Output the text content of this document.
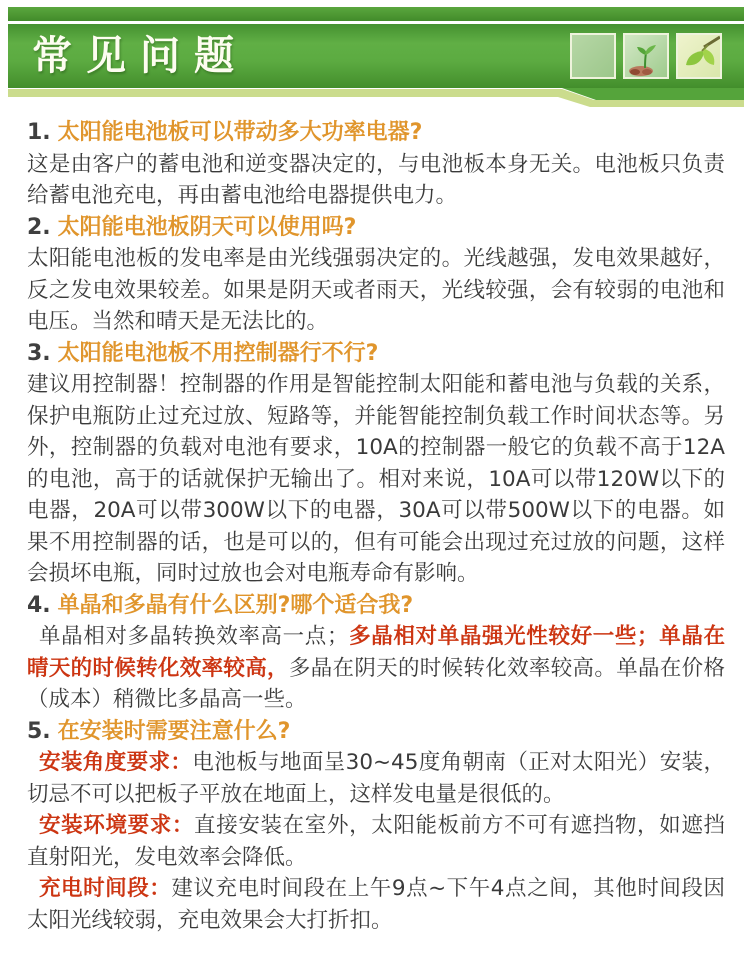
常见问题

1. 太阳能电池板可以带动多大功率电器?

这是由客户的蓄电池和逆变器决定的，与电池板本身无关。电池板只负责给蓄电池充电，再由蓄电池给电器提供电力。

2. 太阳能电池板阴天可以使用吗?

太阳能电池板的发电率是由光线强弱决定的。光线越强，发电效果越好，反之发电效果较差。如果是阴天或者雨天，光线较强，会有较弱的电池和电压。当然和晴天是无法比的。

3. 太阳能电池板不用控制器行不行?

建议用控制器！控制器的作用是智能控制太阳能和蓄电池与负载的关系，保护电瓶防止过充过放、短路等，并能智能控制负载工作时间状态等。另外，控制器的负载对电池有要求，10A的控制器一般它的负载不高于12A的电池，高于的话就保护无输出了。相对来说，10A可以带120W以下的电器，20A可以带300W以下的电器，30A可以带500W以下的电器。如果不用控制器的话，也是可以的，但有可能会出现过充过放的问题，这样会损坏电瓶，同时过放也会对电瓶寿命有影响。

4. 单晶和多晶有什么区别?哪个适合我?

单晶相对多晶转换效率高一点；多晶相对单晶强光性较好一些；单晶在晴天的时候转化效率较高，多晶在阴天的时候转化效率较高。单晶在价格（成本）稍微比多晶高一些。

5. 在安装时需要注意什么?

安装角度要求：电池板与地面呈30~45度角朝南（正对太阳光）安装，切忌不可以把板子平放在地面上，这样发电量是很低的。

安装环境要求：直接安装在室外，太阳能板前方不可有遮挡物，如遮挡直射阳光，发电效率会降低。

充电时间段：建议充电时间段在上午9点~下午4点之间，其他时间段因太阳光线较弱，充电效果会大打折扣。
